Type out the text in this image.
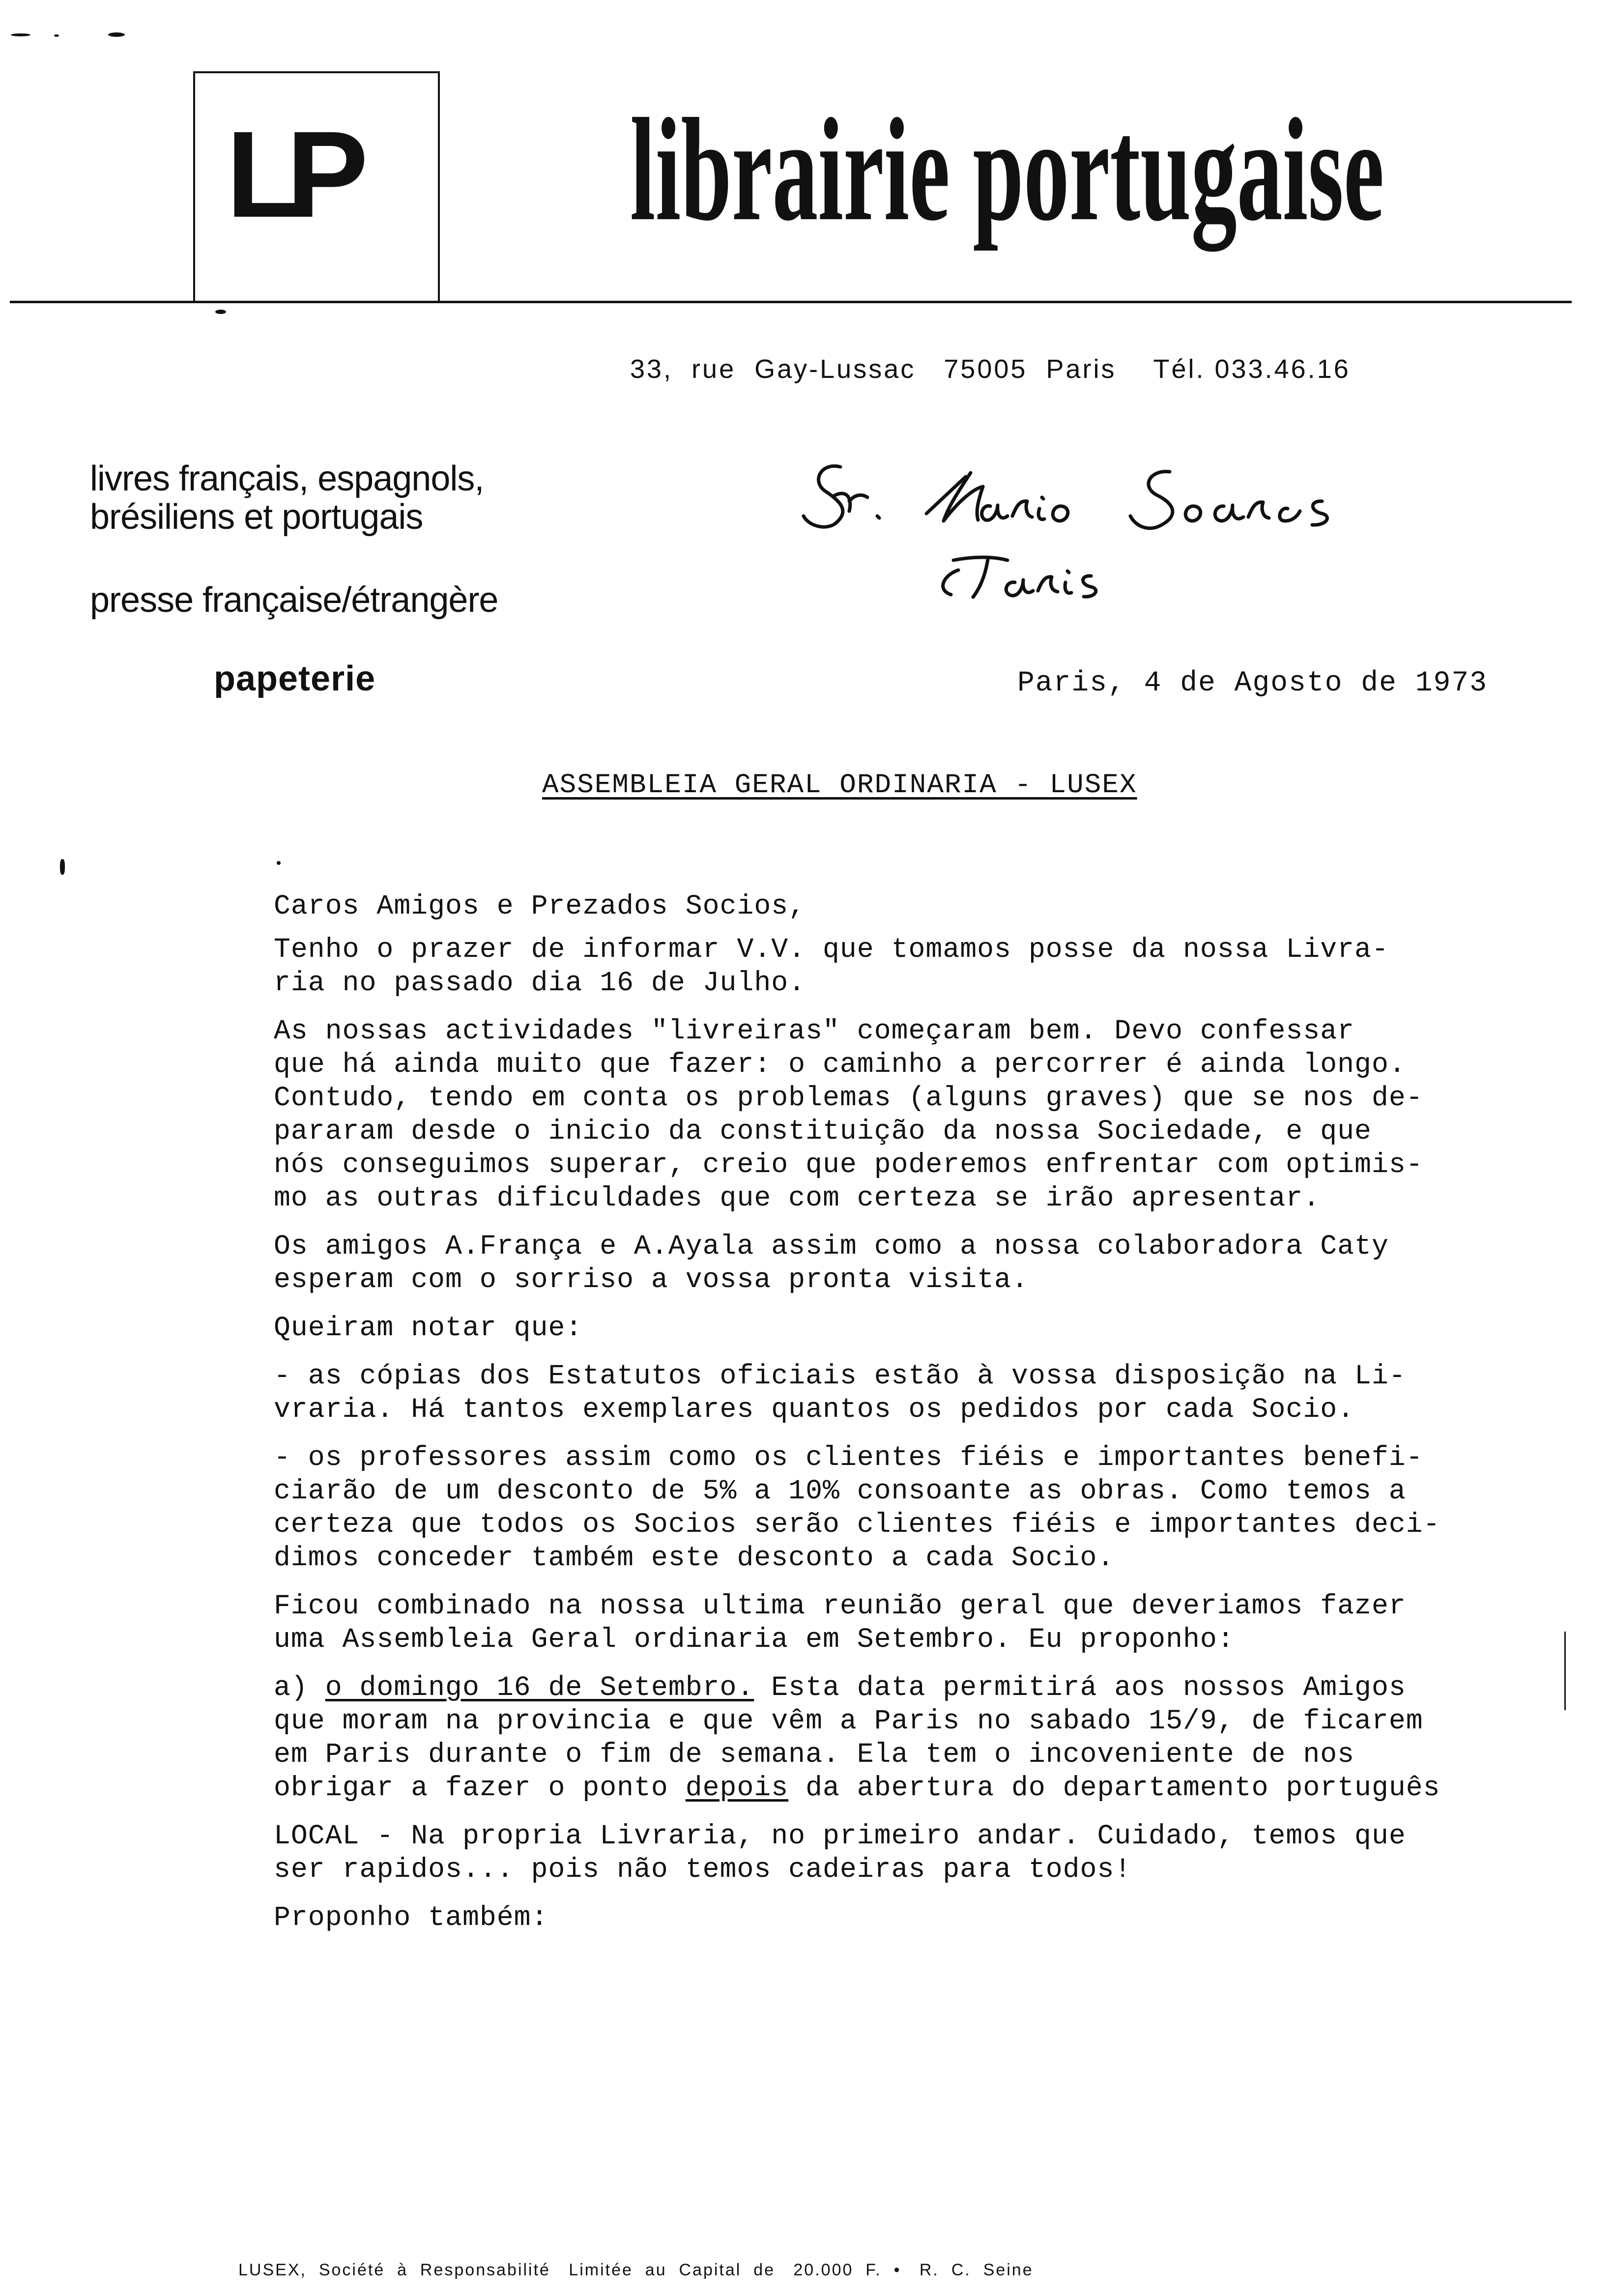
LP librairie portugaise
33,  rue  Gay-Lussac   75005  Paris    Tél. 033.46.16
livres français, espagnols,
brésiliens et portugais
presse française/étrangère
papeterie	Paris, 4 de Agosto de 1973
ASSEMBLEIA GERAL ORDINARIA - LUSEX

Caros Amigos e Prezados Socios,

Tenho o prazer de informar V.V. que tomamos posse da nossa Livra-
ria no passado dia 16 de Julho.

As nossas actividades "livreiras" começaram bem. Devo confessar
que há ainda muito que fazer: o caminho a percorrer é ainda longo.
Contudo, tendo em conta os problemas (alguns graves) que se nos de-
pararam desde o inicio da constituição da nossa Sociedade, e que
nós conseguimos superar, creio que poderemos enfrentar com optimis-
mo as outras dificuldades que com certeza se irão apresentar.

Os amigos A.França e A.Ayala assim como a nossa colaboradora Caty
esperam com o sorriso a vossa pronta visita.

Queiram notar que:

- as cópias dos Estatutos oficiais estão à vossa disposição na Li-
vraria. Há tantos exemplares quantos os pedidos por cada Socio.

- os professores assim como os clientes fiéis e importantes benefi-
ciarão de um desconto de 5% a 10% consoante as obras. Como temos a
certeza que todos os Socios serão clientes fiéis e importantes deci-
dimos conceder também este desconto a cada Socio.

Ficou combinado na nossa ultima reunião geral que deveriamos fazer
uma Assembleia Geral ordinaria em Setembro. Eu proponho:

a) o domingo 16 de Setembro. Esta data permitirá aos nossos Amigos
que moram na provincia e que vêm a Paris no sabado 15/9, de ficarem
em Paris durante o fim de semana. Ela tem o incoveniente de nos
obrigar a fazer o ponto depois da abertura do departamento português

LOCAL - Na propria Livraria, no primeiro andar. Cuidado, temos que
ser rapidos... pois não temos cadeiras para todos!

Proponho também:

LUSEX,  Société  à  Responsabilité   Limitée  au  Capital  de   20.000  F.  •   R.  C.  Seine
